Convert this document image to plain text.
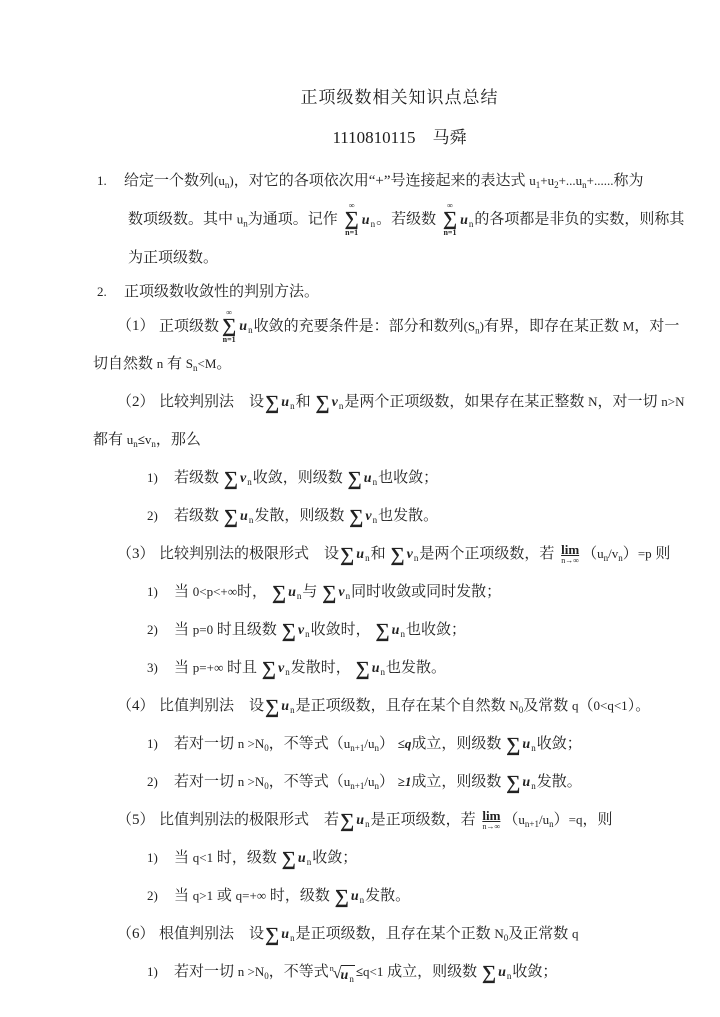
正项级数相关知识点总结
1110810115　马舜
1. 给定一个数列(un)，对它的各项依次用“+”号连接起来的表达式 u1+u2+...un+......称为
数项级数。其中 un为通项。记作
∞
∑
n=1
$u_n$。若级数
∞
∑
n=1
$u_n$的各项都是非负的实数，则称其
为正项级数。
2. 正项级数收敛性的判别方法。
（1） 正项级数
∞
∑
n=1
$u_n$收敛的充要条件是：部分和数列(Sn)有界，即存在某正数 M，对一
切自然数 n 有 Sn<M。
（2） 比较判别法　设∑ $u_n$和 ∑ $v_n$是两个正项级数，如果存在某正整数 N，对一切 n>N
都有 un≤vn，那么
1) 若级数 ∑ $v_n$收敛，则级数 ∑ $u_n$也收敛；
2) 若级数 ∑ $u_n$发散，则级数 ∑ $v_n$也发散。
（3） 比较判别法的极限形式　设∑ $u_n$和 ∑ $v_n$是两个正项级数，若 lim
n→∞ （un/vn）=p 则
1) 当 0<p<+∞时， ∑ $u_n$与 ∑ $v_n$同时收敛或同时发散；
2) 当 p=0 时且级数 ∑ $v_n$收敛时， ∑ $u_n$也收敛；
3) 当 p=+∞ 时且 ∑ $v_n$发散时， ∑ $u_n$也发散。
（4） 比值判别法　设∑ $u_n$是正项级数，且存在某个自然数 N0及常数 q（0<q<1）。
1) 若对一切 n >N0，不等式（un+1/un） ≤q成立，则级数 ∑ $u_n$收敛；
2) 若对一切 n >N0，不等式（un+1/un） ≥1成立，则级数 ∑ $u_n$发散。
（5） 比值判别法的极限形式　若∑ $u_n$是正项级数，若 lim
n→∞ （un+1/un）=q，则
1) 当 q<1 时，级数 ∑ $u_n$收敛；
2) 当 q>1 或 q=+∞ 时，级数 ∑ $u_n$发散。
（6） 根值判别法　设∑ $u_n$是正项级数，且存在某个正数 N0及正常数 q
1) 若对一切 n >N0，不等式 n √ $u_n \le q<1$ 成立，则级数 ∑ $u_n$收敛；
